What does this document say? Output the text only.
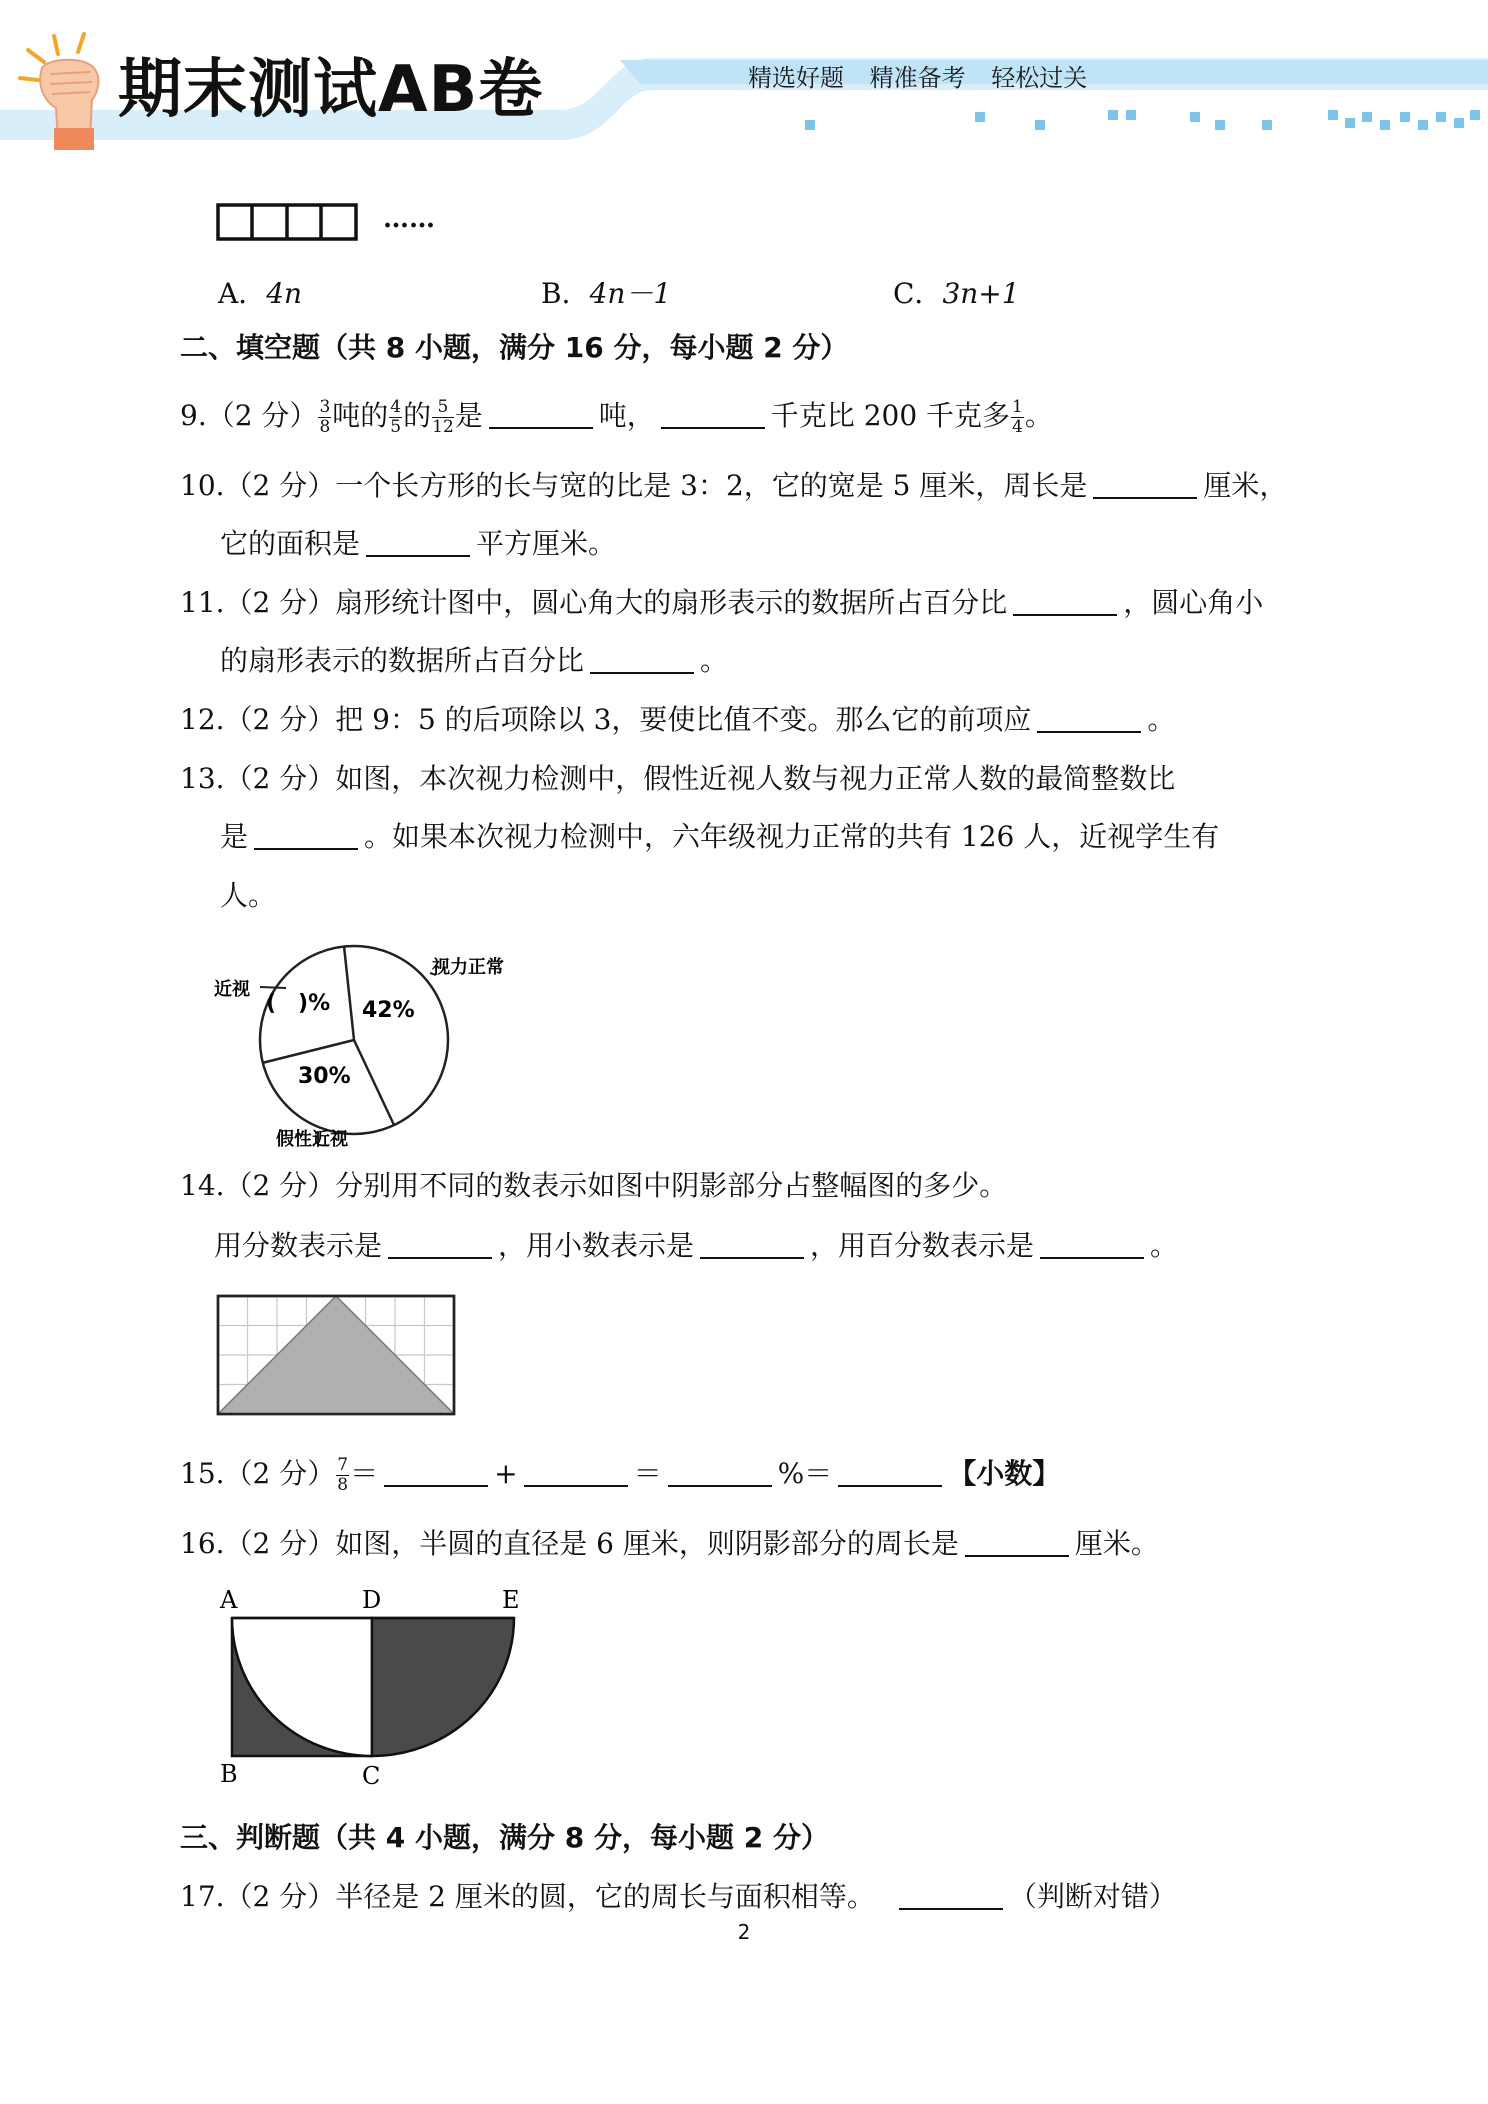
期末测试AB卷	精选好题 精准备考 轻松过关
……
A．4n	B．4n－1	C．3n+1
二、填空题（共 8 小题，满分 16 分，每小题 2 分）
9.（2 分） $\frac{3}{8}$ 吨的 $\frac{4}{5}$ 的 $\frac{5}{12}$ 是	吨，	千克比 200 千克多 $\frac{1}{4}$ 。
10.（2 分）一个长方形的长与宽的比是 3：2，它的宽是 5 厘米，周长是	厘米，
它的面积是	平方厘米。
11.（2 分）扇形统计图中，圆心角大的扇形表示的数据所占百分比	，圆心角小
的扇形表示的数据所占百分比	。
12.（2 分）把 9：5 的后项除以 3，要使比值不变。那么它的前项应	。
13.（2 分）如图，本次视力检测中，假性近视人数与视力正常人数的最简整数比
是	。如果本次视力检测中，六年级视力正常的共有 126 人，近视学生有
人。
近视
视力正常
假性近视
(　)% 42%
30%
14.（2 分）分别用不同的数表示如图中阴影部分占整幅图的多少。
用分数表示是	，用小数表示是	，用百分数表示是	。
15.（2 分） $\frac{7}{8}$ ＝	+	＝	%＝	【小数】
16.（2 分）如图，半圆的直径是 6 厘米，则阴影部分的周长是	厘米。
A	D	E
B	C
三、判断题（共 4 小题，满分 8 分，每小题 2 分）
17.（2 分）半径是 2 厘米的圆，它的周长与面积相等。	（判断对错）
2
